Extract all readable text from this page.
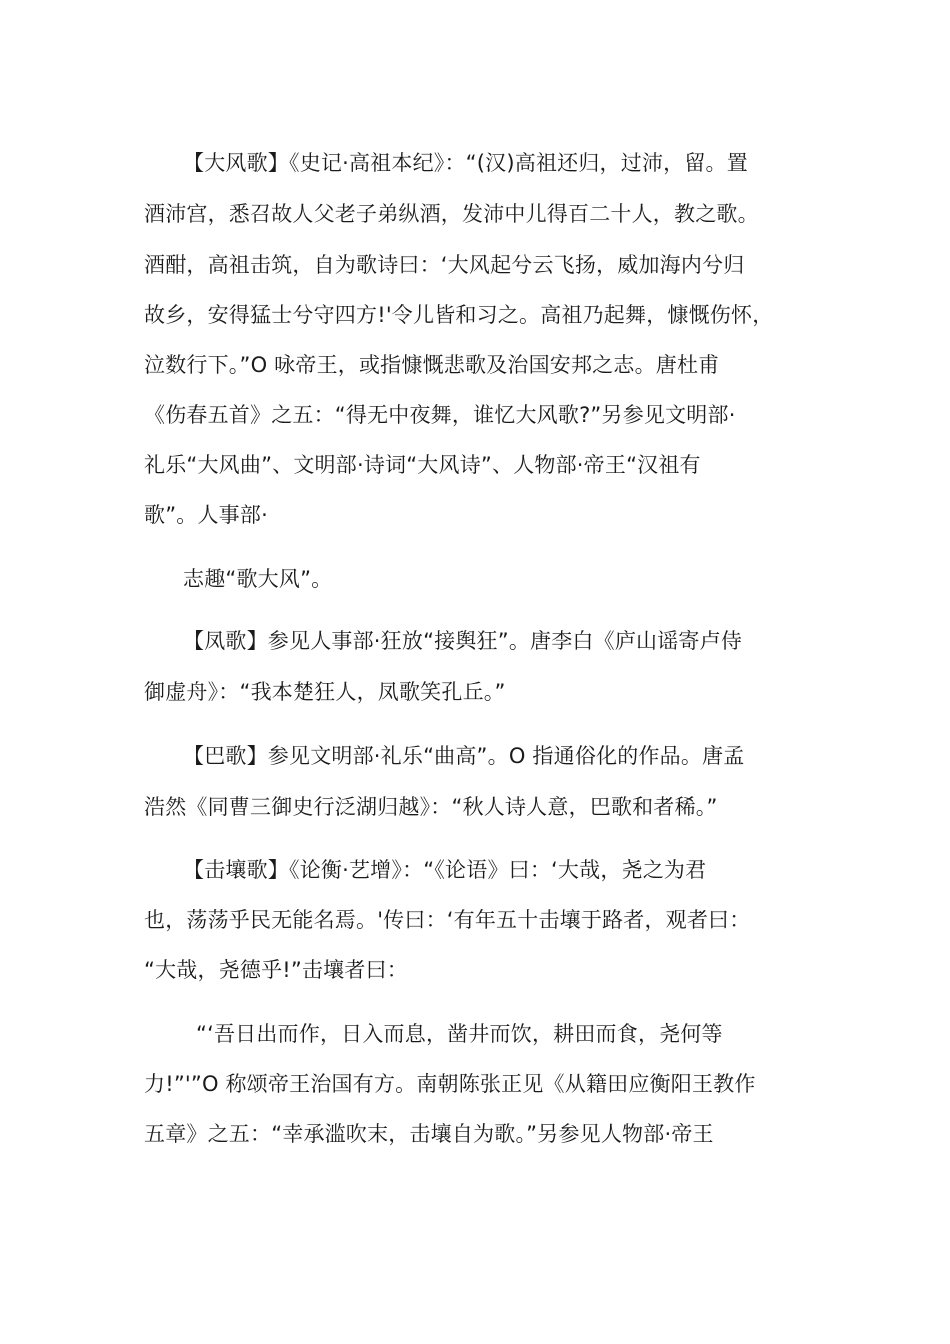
【大风歌】《史记·高祖本纪》：“(汉)高祖还归，过沛，留。置
酒沛宫，悉召故人父老子弟纵酒，发沛中儿得百二十人，教之歌。
酒酣，高祖击筑，自为歌诗曰：‘大风起兮云飞扬，威加海内兮归
故乡，安得猛士兮守四方!'令儿皆和习之。高祖乃起舞，慷慨伤怀，
泣数行下。”O 咏帝王，或指慷慨悲歌及治国安邦之志。唐杜甫
《伤春五首》之五：“得无中夜舞，谁忆大风歌?”另参见文明部·
礼乐“大风曲”、文明部·诗词“大风诗”、人物部·帝王“汉祖有
歌”。人事部·
志趣“歌大风”。
【凤歌】参见人事部·狂放“接舆狂”。唐李白《庐山谣寄卢侍
御虚舟》：“我本楚狂人，凤歌笑孔丘。”
【巴歌】参见文明部·礼乐“曲高”。O 指通俗化的作品。唐孟
浩然《同曹三御史行泛湖归越》：“秋人诗人意，巴歌和者稀。”
【击壤歌】《论衡·艺增》：“《论语》曰：‘大哉，尧之为君
也，荡荡乎民无能名焉。'传曰：‘有年五十击壤于路者，观者曰：
“大哉，尧德乎!”击壤者曰：
“‘吾日出而作，日入而息，凿井而饮，耕田而食，尧何等
力!”'”O 称颂帝王治国有方。南朝陈张正见《从籍田应衡阳王教作
五章》之五：“幸承滥吹末，击壤自为歌。”另参见人物部·帝王
